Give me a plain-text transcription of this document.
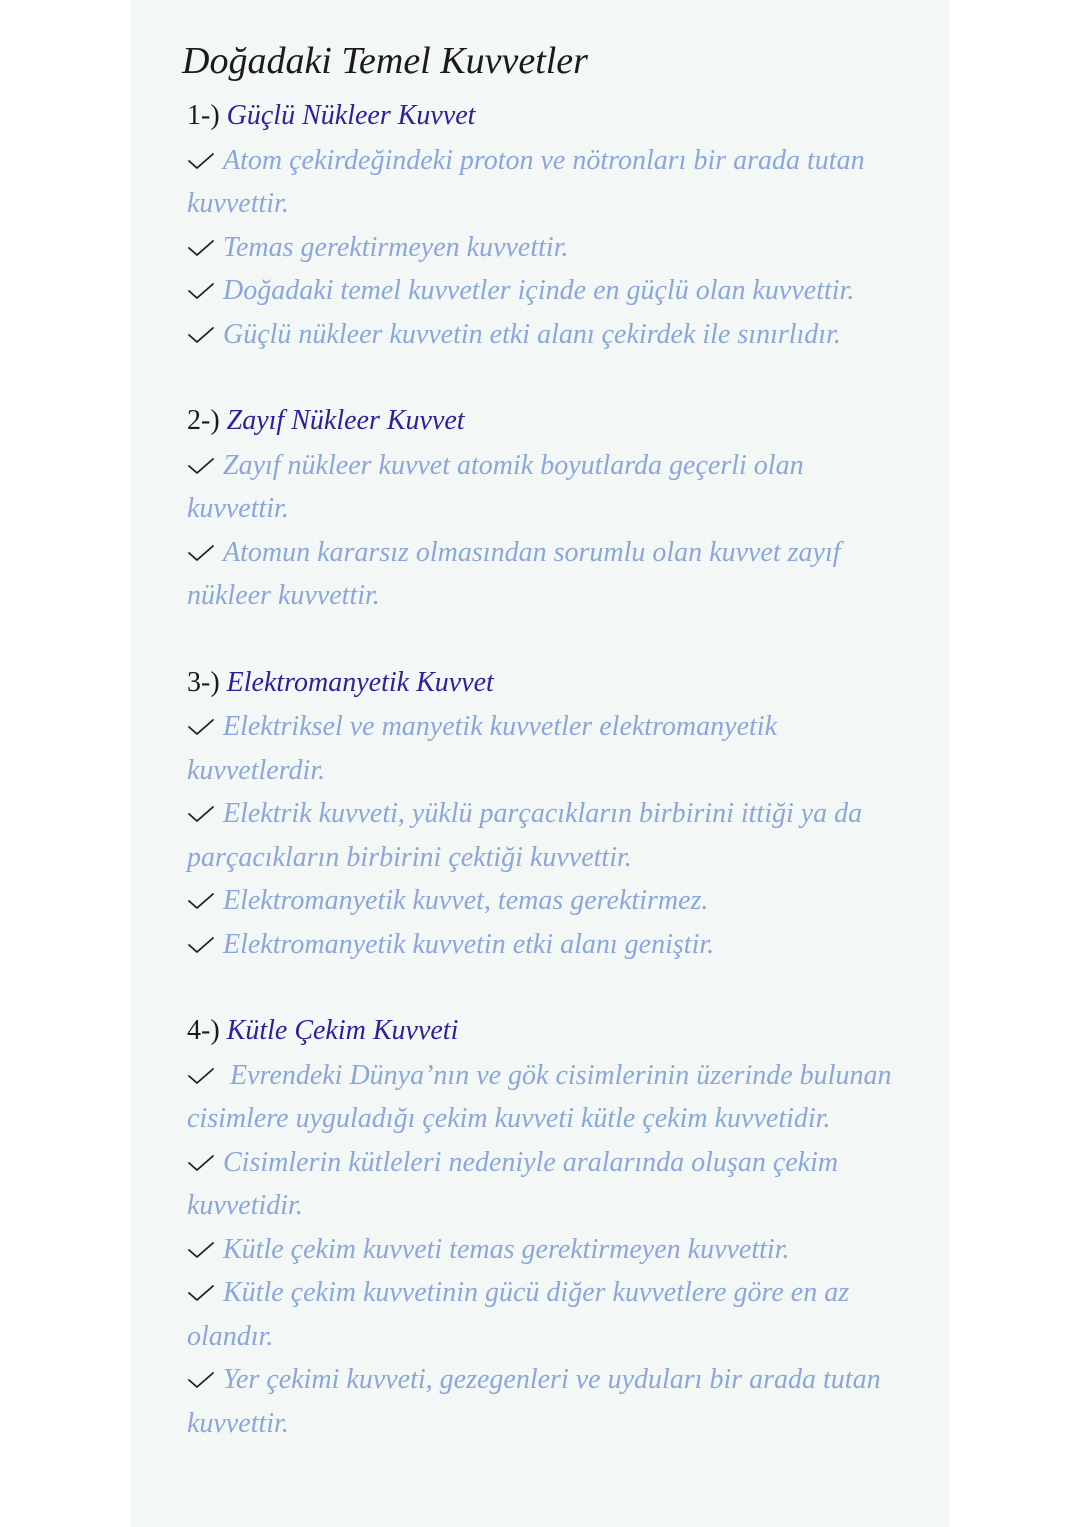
Doğadaki Temel Kuvvetler
1-) Güçlü Nükleer Kuvvet
Atom çekirdeğindeki proton ve nötronları bir arada tutan kuvvettir.
Temas gerektirmeyen kuvvettir.
Doğadaki temel kuvvetler içinde en güçlü olan kuvvettir.
Güçlü nükleer kuvvetin etki alanı çekirdek ile sınırlıdır.
2-) Zayıf Nükleer Kuvvet
Zayıf nükleer kuvvet atomik boyutlarda geçerli olan kuvvettir.
Atomun kararsız olmasından sorumlu olan kuvvet zayıf nükleer kuvvettir.
3-) Elektromanyetik Kuvvet
Elektriksel ve manyetik kuvvetler elektromanyetik kuvvetlerdir.
Elektrik kuvveti, yüklü parçacıkların birbirini ittiği ya da parçacıkların birbirini çektiği kuvvettir.
Elektromanyetik kuvvet, temas gerektirmez.
Elektromanyetik kuvvetin etki alanı geniştir.
4-) Kütle Çekim Kuvveti
Evrendeki Dünya’nın ve gök cisimlerinin üzerinde bulunan cisimlere uyguladığı çekim kuvveti kütle çekim kuvvetidir.
Cisimlerin kütleleri nedeniyle aralarında oluşan çekim kuvvetidir.
Kütle çekim kuvveti temas gerektirmeyen kuvvettir.
Kütle çekim kuvvetinin gücü diğer kuvvetlere göre en az olandır.
Yer çekimi kuvveti, gezegenleri ve uyduları bir arada tutan kuvvettir.
